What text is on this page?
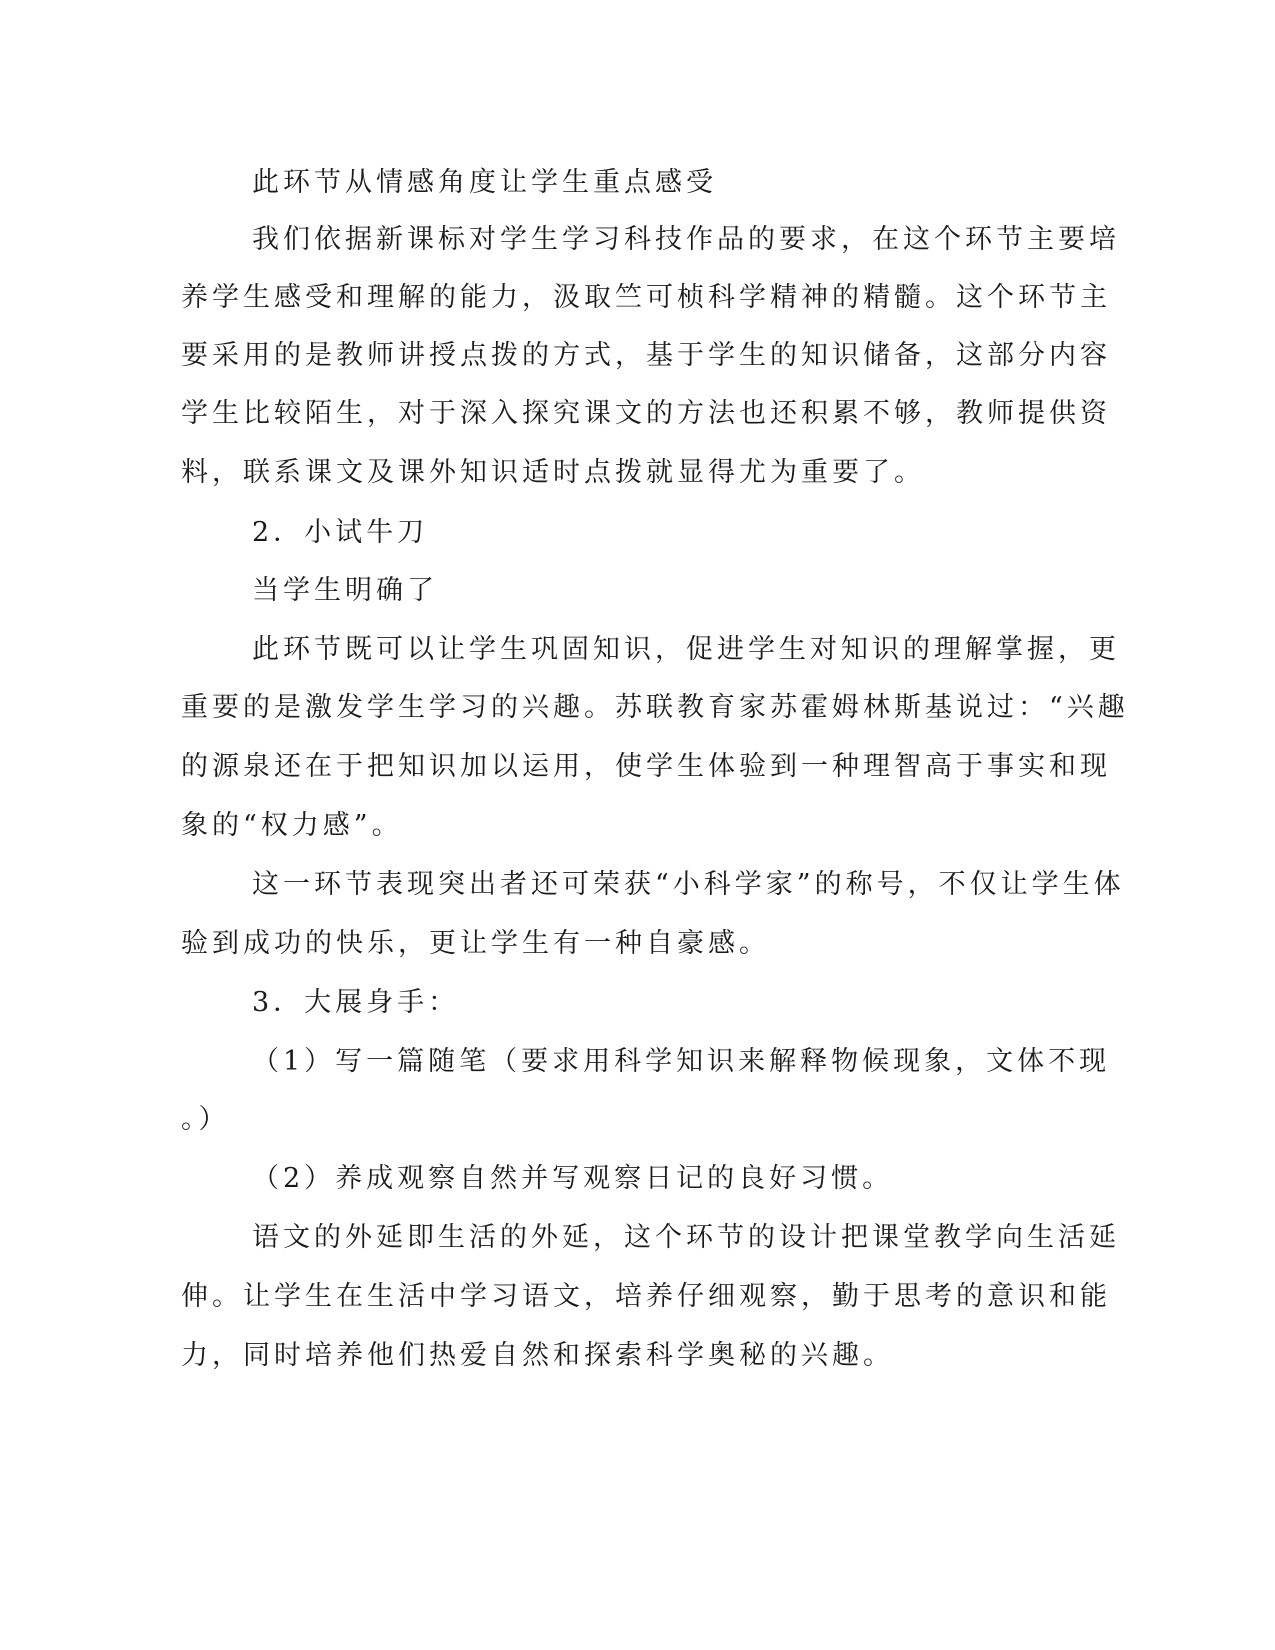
此环节从情感角度让学生重点感受
我们依据新课标对学生学习科技作品的要求，在这个环节主要培
养学生感受和理解的能力，汲取竺可桢科学精神的精髓。这个环节主
要采用的是教师讲授点拨的方式，基于学生的知识储备，这部分内容
学生比较陌生，对于深入探究课文的方法也还积累不够，教师提供资
料，联系课文及课外知识适时点拨就显得尤为重要了。
2．小试牛刀
当学生明确了
此环节既可以让学生巩固知识，促进学生对知识的理解掌握，更
重要的是激发学生学习的兴趣。苏联教育家苏霍姆林斯基说过：“兴趣
的源泉还在于把知识加以运用，使学生体验到一种理智高于事实和现
象的“权力感”。
这一环节表现突出者还可荣获“小科学家”的称号，不仅让学生体
验到成功的快乐，更让学生有一种自豪感。
3．大展身手：
（1）写一篇随笔（要求用科学知识来解释物候现象，文体不现
。）
（2）养成观察自然并写观察日记的良好习惯。
语文的外延即生活的外延，这个环节的设计把课堂教学向生活延
伸。让学生在生活中学习语文，培养仔细观察，勤于思考的意识和能
力，同时培养他们热爱自然和探索科学奥秘的兴趣。
